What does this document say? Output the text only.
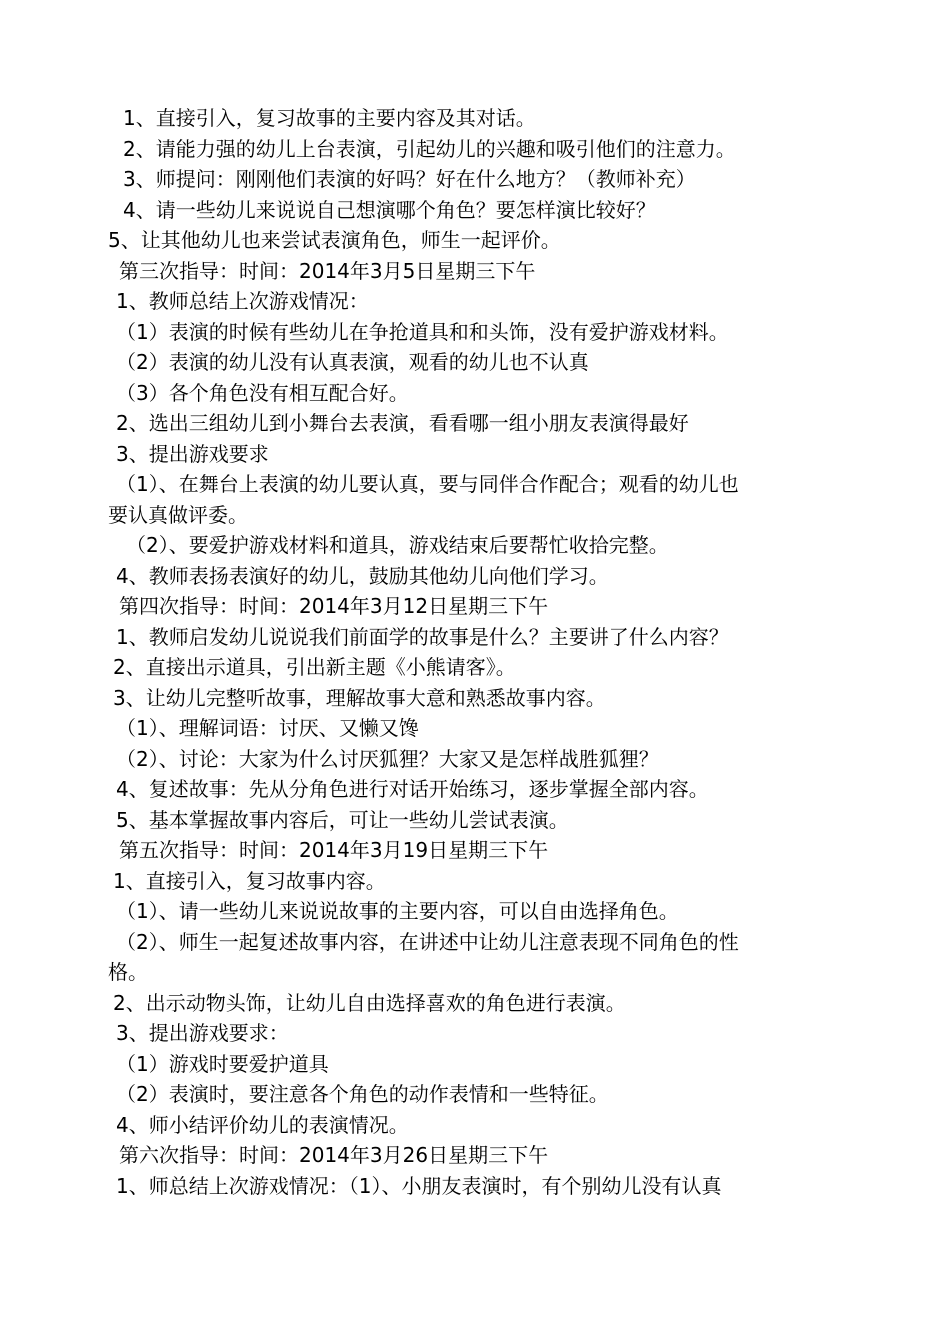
1、直接引入，复习故事的主要内容及其对话。
2、请能力强的幼儿上台表演，引起幼儿的兴趣和吸引他们的注意力。
3、师提问：刚刚他们表演的好吗？好在什么地方？（教师补充）
4、请一些幼儿来说说自己想演哪个角色？要怎样演比较好？
5、让其他幼儿也来尝试表演角色，师生一起评价。
第三次指导：时间：2014年3月5日星期三下午
1、教师总结上次游戏情况：
（1）表演的时候有些幼儿在争抢道具和和头饰，没有爱护游戏材料。
（2）表演的幼儿没有认真表演，观看的幼儿也不认真
（3）各个角色没有相互配合好。
2、选出三组幼儿到小舞台去表演，看看哪一组小朋友表演得最好
3、提出游戏要求
（1）、在舞台上表演的幼儿要认真，要与同伴合作配合；观看的幼儿也
要认真做评委。
（2）、要爱护游戏材料和道具，游戏结束后要帮忙收拾完整。
4、教师表扬表演好的幼儿，鼓励其他幼儿向他们学习。
第四次指导：时间：2014年3月12日星期三下午
1、教师启发幼儿说说我们前面学的故事是什么？主要讲了什么内容？
2、直接出示道具，引出新主题《小熊请客》。
3、让幼儿完整听故事，理解故事大意和熟悉故事内容。
（1）、理解词语：讨厌、又懒又馋
（2）、讨论：大家为什么讨厌狐狸？大家又是怎样战胜狐狸？
4、复述故事：先从分角色进行对话开始练习，逐步掌握全部内容。
5、基本掌握故事内容后，可让一些幼儿尝试表演。
第五次指导：时间：2014年3月19日星期三下午
1、直接引入，复习故事内容。
（1）、请一些幼儿来说说故事的主要内容，可以自由选择角色。
（2）、师生一起复述故事内容，在讲述中让幼儿注意表现不同角色的性
格。
2、出示动物头饰，让幼儿自由选择喜欢的角色进行表演。
3、提出游戏要求：
（1）游戏时要爱护道具
（2）表演时，要注意各个角色的动作表情和一些特征。
4、师小结评价幼儿的表演情况。
第六次指导：时间：2014年3月26日星期三下午
1、师总结上次游戏情况：（1）、小朋友表演时，有个别幼儿没有认真
